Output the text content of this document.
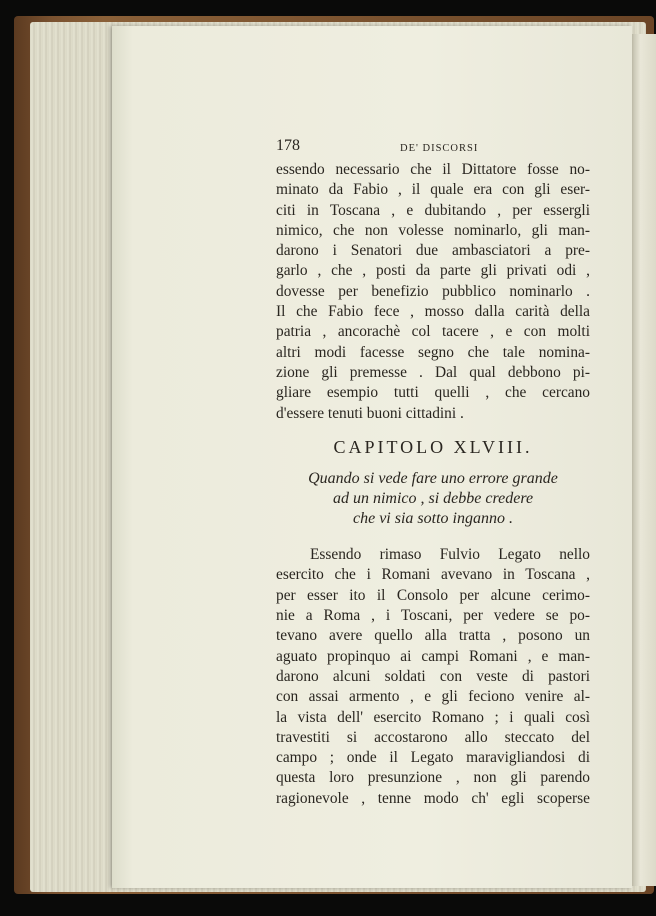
178	DE' DISCORSI
essendo necessario che il Dittatore fosse no-
minato da Fabio , il quale era con gli eser-
citi in Toscana , e dubitando , per essergli
nimico, che non volesse nominarlo, gli man-
darono i Senatori due ambasciatori a pre-
garlo , che , posti da parte gli privati odi ,
dovesse per benefizio pubblico nominarlo .
Il che Fabio fece , mosso dalla carità della
patria , ancorachè col tacere , e con molti
altri modi facesse segno che tale nomina-
zione gli premesse . Dal qual debbono pi-
gliare esempio tutti quelli , che cercano
d'essere tenuti buoni cittadini .
CAPITOLO XLVIII.
Quando si vede fare uno errore grande
ad un nimico , si debbe credere
che vi sia sotto inganno .
Essendo rimaso Fulvio Legato nello
esercito che i Romani avevano in Toscana ,
per esser ito il Consolo per alcune cerimo-
nie a Roma , i Toscani, per vedere se po-
tevano avere quello alla tratta , posono un
aguato propinquo ai campi Romani , e man-
darono alcuni soldati con veste di pastori
con assai armento , e gli feciono venire al-
la vista dell' esercito Romano ; i quali così
travestiti si accostarono allo steccato del
campo ; onde il Legato maravigliandosi di
questa loro presunzione , non gli parendo
ragionevole , tenne modo ch' egli scoperse
